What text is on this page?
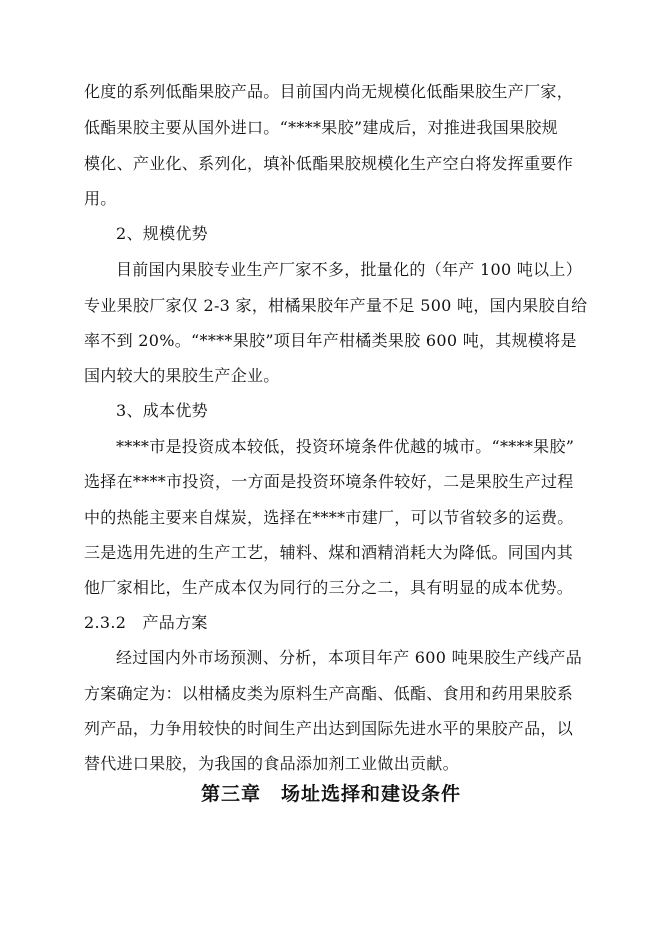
化度的系列低酯果胶产品。目前国内尚无规模化低酯果胶生产厂家，
低酯果胶主要从国外进口。“****果胶”建成后，对推进我国果胶规
模化、产业化、系列化，填补低酯果胶规模化生产空白将发挥重要作
用。
2、规模优势
目前国内果胶专业生产厂家不多，批量化的（年产 100 吨以上）
专业果胶厂家仅 2-3 家，柑橘果胶年产量不足 500 吨，国内果胶自给
率不到 20%。“****果胶”项目年产柑橘类果胶 600 吨，其规模将是
国内较大的果胶生产企业。
3、成本优势
****市是投资成本较低，投资环境条件优越的城市。“****果胶”
选择在****市投资，一方面是投资环境条件较好，二是果胶生产过程
中的热能主要来自煤炭，选择在****市建厂，可以节省较多的运费。
三是选用先进的生产工艺，辅料、煤和酒精消耗大为降低。同国内其
他厂家相比，生产成本仅为同行的三分之二，具有明显的成本优势。
2.3.2　产品方案
经过国内外市场预测、分析，本项目年产 600 吨果胶生产线产品
方案确定为：以柑橘皮类为原料生产高酯、低酯、食用和药用果胶系
列产品，力争用较快的时间生产出达到国际先进水平的果胶产品，以
替代进口果胶，为我国的食品添加剂工业做出贡献。
第三章　场址选择和建设条件
